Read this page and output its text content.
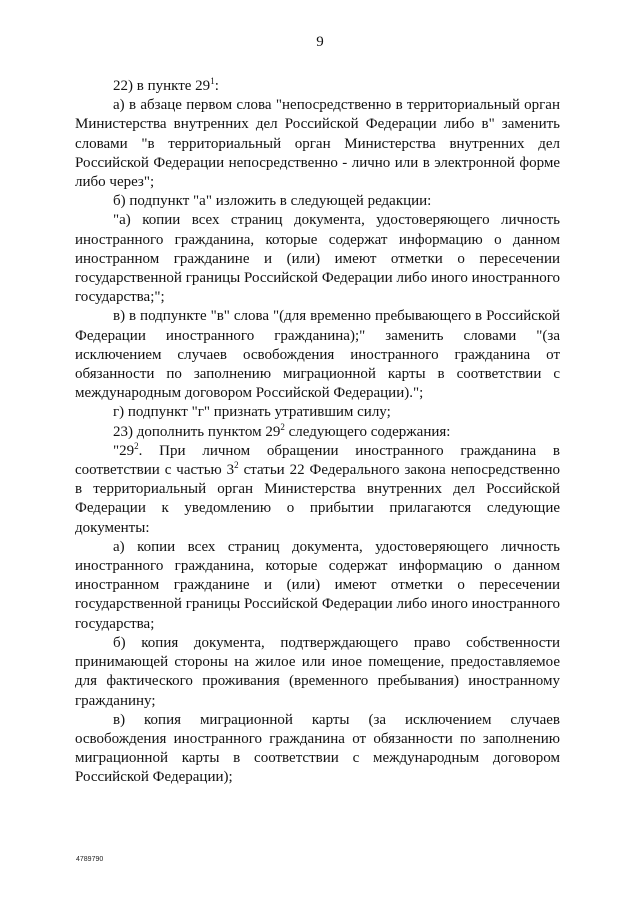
9

22) в пункте $29^1$:

а) в абзаце первом слова "непосредственно в территориальный орган Министерства внутренних дел Российской Федерации либо в" заменить словами "в территориальный орган Министерства внутренних дел Российской Федерации непосредственно - лично или в электронной форме либо через";

б) подпункт "а" изложить в следующей редакции:

"а) копии всех страниц документа, удостоверяющего личность иностранного гражданина, которые содержат информацию о данном иностранном гражданине и (или) имеют отметки о пересечении государственной границы Российской Федерации либо иного иностранного государства;";

в) в подпункте "в" слова "(для временно пребывающего в Российской Федерации иностранного гражданина);" заменить словами "(за исключением случаев освобождения иностранного гражданина от обязанности по заполнению миграционной карты в соответствии с международным договором Российской Федерации).";

г) подпункт "г" признать утратившим силу;

23) дополнить пунктом $29^2$ следующего содержания:

"$29^2$. При личном обращении иностранного гражданина в соответствии с частью $3^2$ статьи 22 Федерального закона непосредственно в территориальный орган Министерства внутренних дел Российской Федерации к уведомлению о прибытии прилагаются следующие документы:

а) копии всех страниц документа, удостоверяющего личность иностранного гражданина, которые содержат информацию о данном иностранном гражданине и (или) имеют отметки о пересечении государственной границы Российской Федерации либо иного иностранного государства;

б) копия документа, подтверждающего право собственности принимающей стороны на жилое или иное помещение, предоставляемое для фактического проживания (временного пребывания) иностранному гражданину;

в) копия миграционной карты (за исключением случаев освобождения иностранного гражданина от обязанности по заполнению миграционной карты в соответствии с международным договором Российской Федерации);

4789790
